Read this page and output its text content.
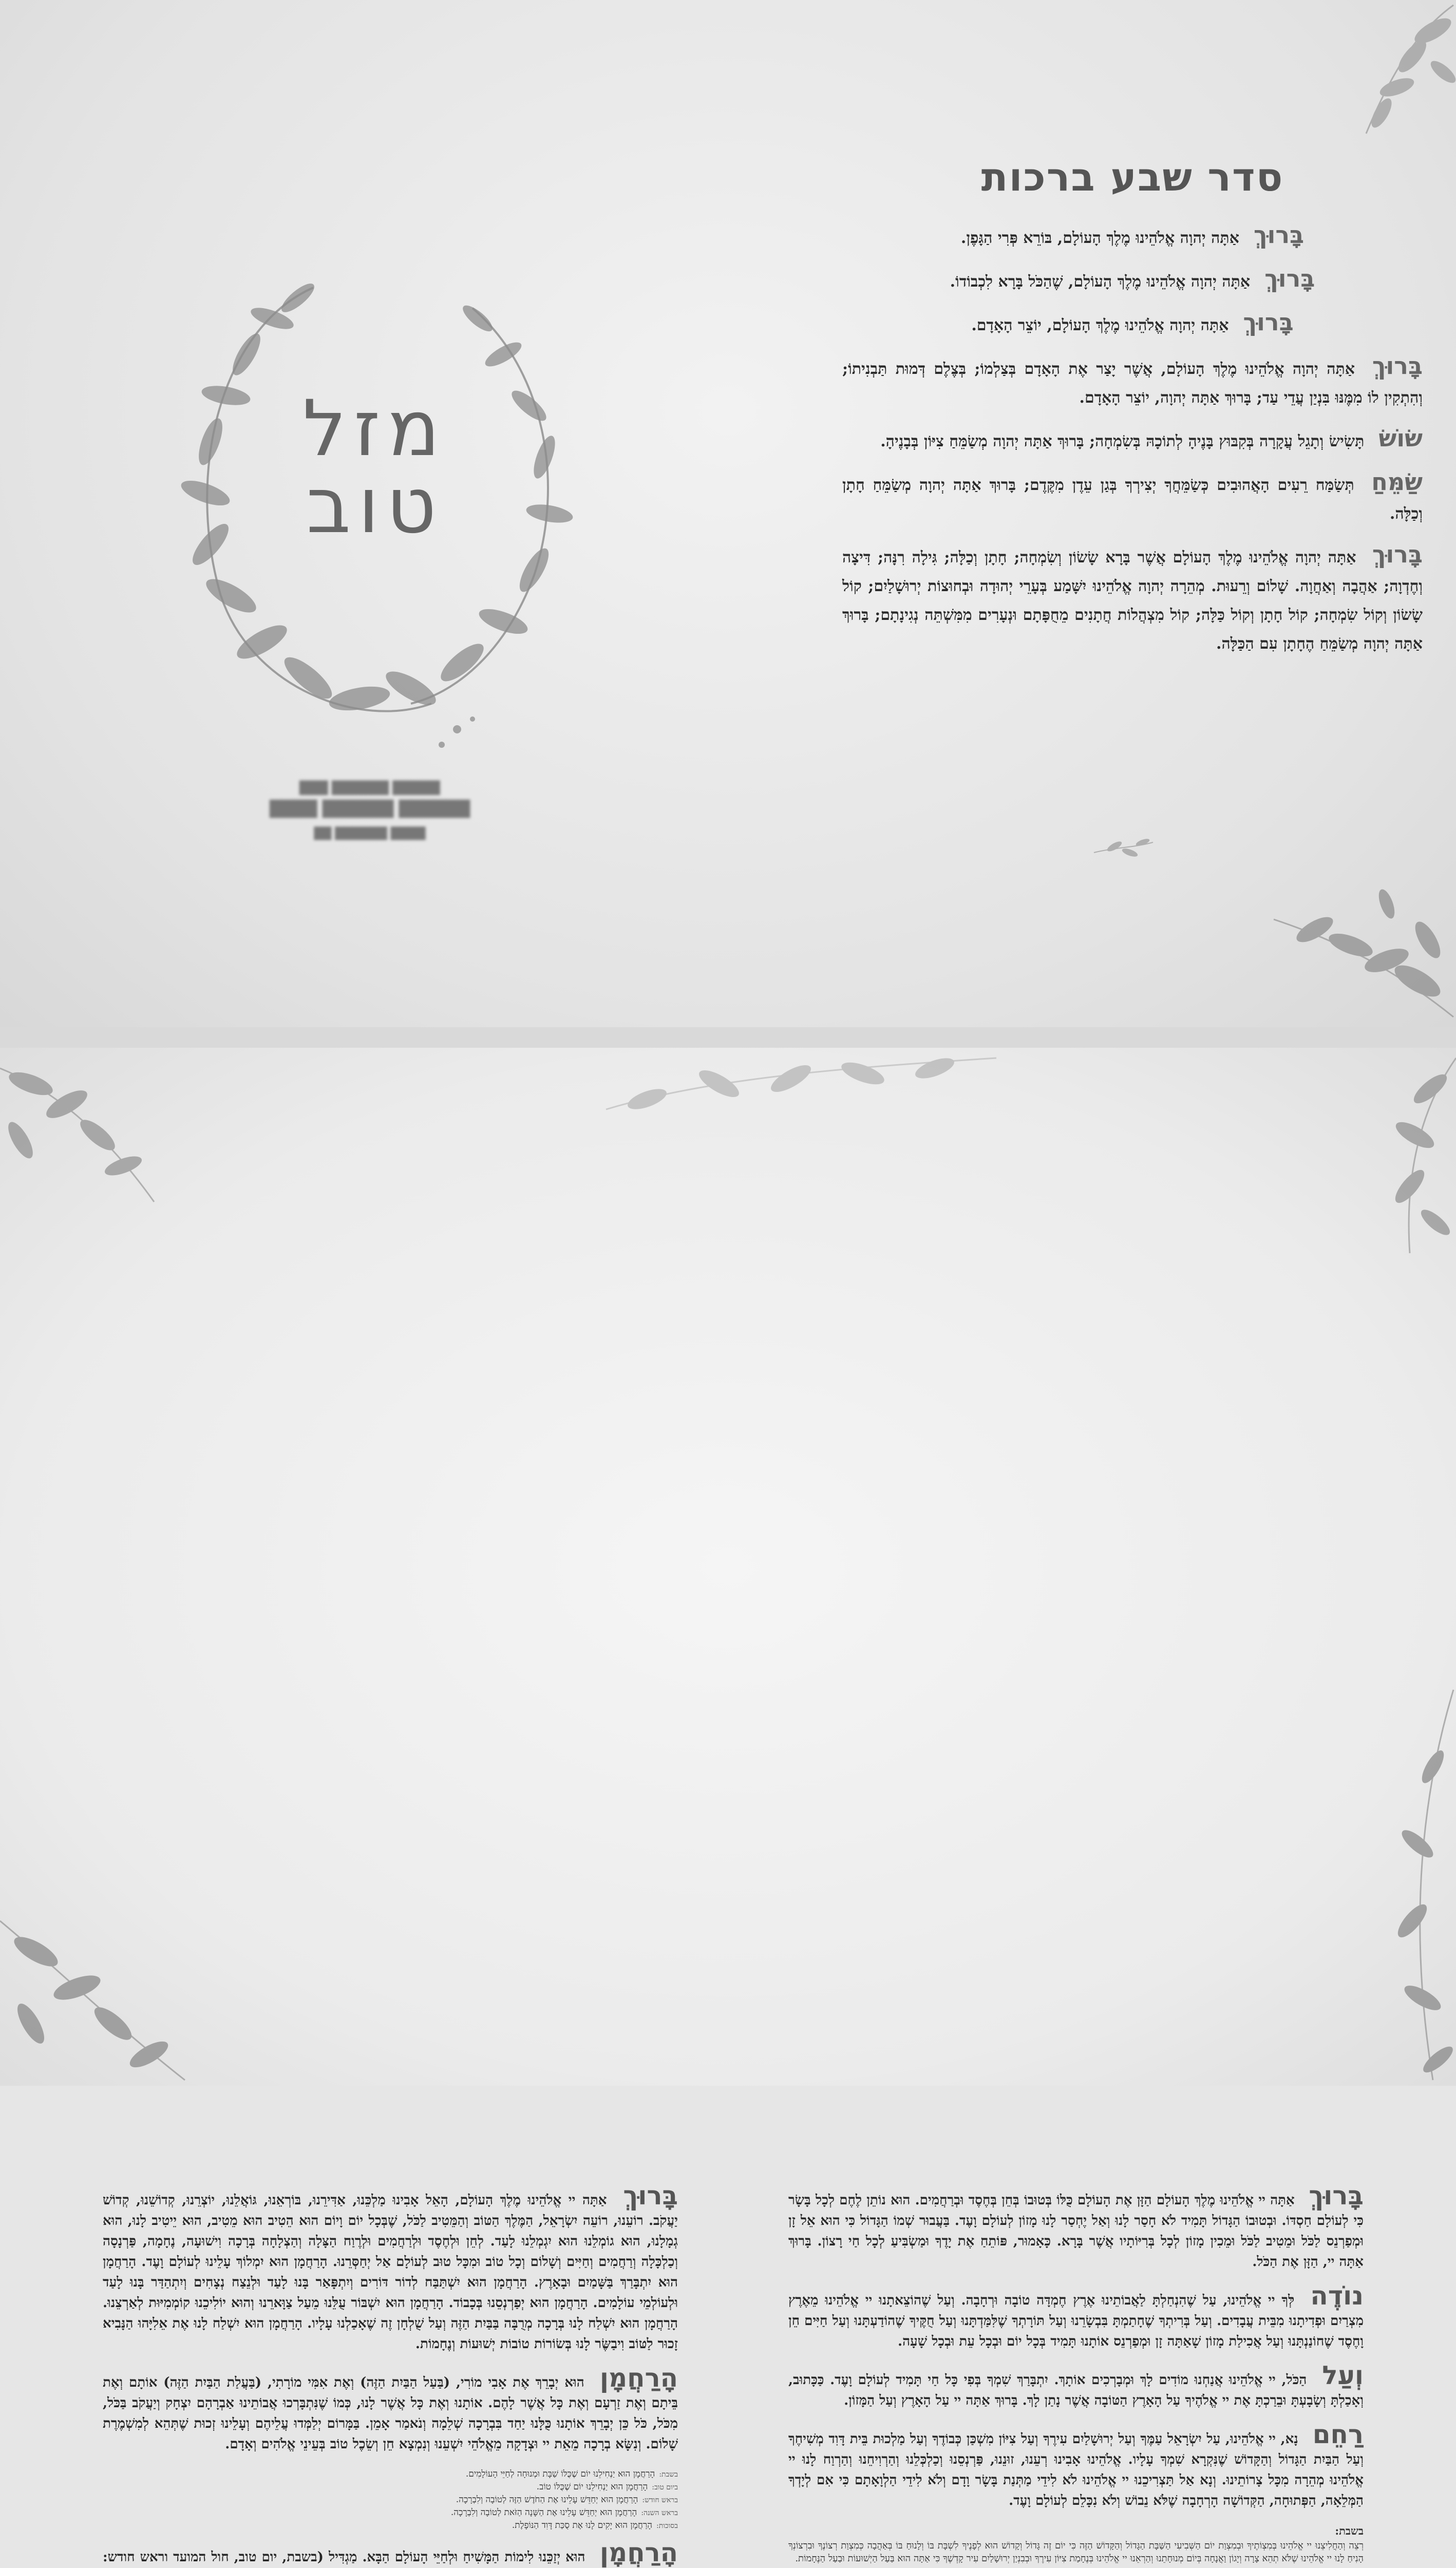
מזל
טוב
███ ██████ █████
████ ██████ ██████
██ ██████ ████
סדר שבע ברכות

בָּרוּךְ אַתָּה יְהוָה אֱלֹהֵינוּ מֶלֶךְ הָעוֹלָם, בּוֹרֵא פְּרִי הַגָּפֶן.

בָּרוּךְ אַתָּה יְהוָה אֱלֹהֵינוּ מֶלֶךְ הָעוֹלָם, שֶׁהַכֹּל בָּרָא לִכְבוֹדוֹ.

בָּרוּךְ אַתָּה יְהוָה אֱלֹהֵינוּ מֶלֶךְ הָעוֹלָם, יוֹצֵר הָאָדָם.

בָּרוּךְ אַתָּה יְהוָה אֱלֹהֵינוּ מֶלֶךְ הָעוֹלָם, אֲשֶׁר יָצַר אֶת הָאָדָם בְּצַלְמוֹ; בְּצֶלֶם דְּמוּת תַּבְנִיתוֹ; וְהִתְקִין לוֹ מִמֶּנּוּ בִּנְיַן עֲדֵי עַד; בָּרוּךְ אַתָּה יְהוָה, יוֹצֵר הָאָדָם.

שׂוֹשׂ תָּשִׂישׂ וְתָגֵל עֲקָרָה בְּקִבּוּץ בָּנֶיהָ לְתוֹכָהּ בְּשִׂמְחָה; בָּרוּךְ אַתָּה יְהוָה מְשַׂמֵּחַ צִיּוֹן בְּבָנֶיהָ.

שַׂמֵּחַ תְּשַׂמַּח רֵעִים הָאֲהוּבִים כְּשַׂמֵּחֲךָ יְצִירְךָ בְּגַן עֵדֶן מִקֶּדֶם; בָּרוּךְ אַתָּה יְהוָה מְשַׂמֵּחַ חָתָן וְכַלָּה.

בָּרוּךְ אַתָּה יְהוָה אֱלֹהֵינוּ מֶלֶךְ הָעוֹלָם אֲשֶׁר בָּרָא שָׂשׂוֹן וְשִׂמְחָה; חָתָן וְכַלָּה; גִּילָה רִנָּה; דִּיצָה וְחֶדְוָה; אַהֲבָה וְאַחֲוָה. שָׁלוֹם וְרֵעוּת. מְהֵרָה יְהוָה אֱלֹהֵינוּ יִשָּׁמַע בְּעָרֵי יְהוּדָה וּבְחוּצוֹת יְרוּשָׁלַיִם; קוֹל שָׂשׂוֹן וְקוֹל שִׂמְחָה; קוֹל חָתָן וְקוֹל כַּלָּה; קוֹל מִצְהֲלוֹת חֲתָנִים מֵחֻפָּתָם וּנְעָרִים מִמִּשְׁתֵּה נְגִינָתָם; בָּרוּךְ אַתָּה יְהוָה מְשַׂמֵּחַ הֶחָתָן עִם הַכַּלָּה.

בָּרוּךְ אַתָּה יי אֱלֹהֵינוּ מֶלֶךְ הָעוֹלָם הַזָּן אֶת הָעוֹלָם כֻּלּוֹ בְּטוּבוֹ בְּחֵן בְּחֶסֶד וּבְרַחֲמִים. הוּא נוֹתֵן לֶחֶם לְכָל בָּשָׂר כִּי לְעוֹלָם חַסְדּוֹ. וּבְטוּבוֹ הַגָּדוֹל תָּמִיד לֹא חָסַר לָנוּ וְאַל יֶחְסַר לָנוּ מָזוֹן לְעוֹלָם וָעֶד. בַּעֲבוּר שְׁמוֹ הַגָּדוֹל כִּי הוּא אֵל זָן וּמְפַרְנֵס לַכֹּל וּמֵטִיב לַכֹּל וּמֵכִין מָזוֹן לְכָל בְּרִיּוֹתָיו אֲשֶׁר בָּרָא. כָּאָמוּר, פּוֹתֵחַ אֶת יָדֶךָ וּמַשְׂבִּיעַ לְכָל חַי רָצוֹן. בָּרוּךְ אַתָּה יי, הַזָּן אֶת הַכֹּל.

נוֹדֶה לְּךָ יי אֱלֹהֵינוּ, עַל שֶׁהִנְחַלְתָּ לַאֲבוֹתֵינוּ אֶרֶץ חֶמְדָּה טוֹבָה וּרְחָבָה. וְעַל שֶׁהוֹצֵאתָנוּ יי אֱלֹהֵינוּ מֵאֶרֶץ מִצְרַיִם וּפְדִיתָנוּ מִבֵּית עֲבָדִים. וְעַל בְּרִיתְךָ שֶׁחָתַמְתָּ בִּבְשָׂרֵנוּ וְעַל תּוֹרָתְךָ שֶׁלִּמַּדְתָּנוּ וְעַל חֻקֶּיךָ שֶׁהוֹדַעְתָּנוּ וְעַל חַיִּים חֵן וָחֶסֶד שֶׁחוֹנַנְתָּנוּ וְעַל אֲכִילַת מָזוֹן שָׁאַתָּה זָן וּמְפַרְנֵס אוֹתָנוּ תָּמִיד בְּכָל יוֹם וּבְכָל עֵת וּבְכָל שָׁעָה.

וְעַל הַכֹּל, יי אֱלֹהֵינוּ אֲנַחְנוּ מוֹדִים לָךְ וּמְבָרְכִים אוֹתָךְ. יִתְבָּרַךְ שִׁמְךָ בְּפִי כָּל חַי תָּמִיד לְעוֹלָם וָעֶד. כַּכָּתוּב, וְאָכַלְתָּ וְשָׂבָעְתָּ וּבֵרַכְתָּ אֶת יי אֱלֹהֶיךָ עַל הָאָרֶץ הַטּוֹבָה אֲשֶׁר נָתַן לָךְ. בָּרוּךְ אַתָּה יי עַל הָאָרֶץ וְעַל הַמָּזוֹן.

רַחֵם נָא, יי אֱלֹהֵינוּ, עַל יִשְׂרָאֵל עַמֶּךָ וְעַל יְרוּשָׁלַיִם עִירֶךָ וְעַל צִיּוֹן מִשְׁכַּן כְּבוֹדֶךָ וְעַל מַלְכוּת בֵּית דָּוִד מְשִׁיחֶךָ וְעַל הַבַּיִת הַגָּדוֹל וְהַקָּדוֹשׁ שֶׁנִּקְרָא שִׁמְךָ עָלָיו. אֱלֹהֵינוּ אָבִינוּ רְעֵנוּ, זוּנֵנוּ, פַּרְנְסֵנוּ וְכַלְכְּלֵנוּ וְהַרְוִיחֵנוּ וְהַרְוַח לָנוּ יי אֱלֹהֵינוּ מְהֵרָה מִכָּל צָרוֹתֵינוּ. וְנָא אַל תַּצְרִיכֵנוּ יי אֱלֹהֵינוּ לֹא לִידֵי מַתְּנַת בָּשָׂר וָדָם וְלֹא לִידֵי הַלְוָאָתָם כִּי אִם לְיָדְךָ הַמְּלֵאָה, הַפְּתוּחָה, הַקְּדוֹשָׁה הָרְחָבָה שֶׁלֹּא נֵבוֹשׁ וְלֹא נִכָּלֵם לְעוֹלָם וָעֶד.

בשבת:
רְצֵה וְהַחֲלִיצֵנוּ יי אֱלֹהֵינוּ בְּמִצְוֹתֶיךָ וּבְמִצְוַת יוֹם הַשְּׁבִיעִי הַשַּׁבָּת הַגָּדוֹל וְהַקָּדוֹשׁ הַזֶּה כִּי יוֹם זֶה גָּדוֹל וְקָדוֹשׁ הוּא לְפָנֶיךָ לִשְׁבָּת בּוֹ וְלָנוּחַ בּוֹ בְּאַהֲבָה כְּמִצְוַת רְצוֹנֶךָ וּבִרְצוֹנְךָ הָנִיחַ לָנוּ יי אֱלֹהֵינוּ שֶׁלֹּא תְהֵא צָרָה וְיָגוֹן וַאֲנָחָה בְּיוֹם מְנוּחָתֵנוּ וְהַרְאֵנוּ יי אֱלֹהֵינוּ בְּנֶחָמַת צִיּוֹן עִירֶךָ וּבְבִנְיַן יְרוּשָׁלַיִם עִיר קָדְשֶׁךָ כִּי אַתָּה הוּא בַּעַל הַיְשׁוּעוֹת וּבַעַל הַנֶּחָמוֹת.

בָּרוּךְ אַתָּה יי אֱלֹהֵינוּ מֶלֶךְ הָעוֹלָם, הָאֵל אָבִינוּ מַלְכֵּנוּ, אַדִּירֵנוּ, בּוֹרְאֵנוּ, גּוֹאֲלֵנוּ, יוֹצְרֵנוּ, קְדוֹשֵׁנוּ, קְדוֹשׁ יַעֲקֹב. רוֹעֵנוּ, רוֹעֵה יִשְׂרָאֵל, הַמֶּלֶךְ הַטּוֹב וְהַמֵּטִיב לַכֹּל, שֶׁבְּכָל יוֹם וָיוֹם הוּא הֵטִיב הוּא מֵטִיב, הוּא יֵיטִיב לָנוּ, הוּא גְמָלָנוּ, הוּא גוֹמְלֵנוּ הוּא יִגְמְלֵנוּ לָעַד. לְחֵן וּלְחֶסֶד וּלְרַחֲמִים וּלְרֶוַח הַצָּלָה וְהַצְלָחָה בְּרָכָה וִישׁוּעָה, נֶחָמָה, פַּרְנָסָה וְכַלְכָּלָה וְרַחֲמִים וְחַיִּים וְשָׁלוֹם וְכָל טוֹב וּמִכָּל טוּב לְעוֹלָם אַל יְחַסְּרֵנוּ. הָרַחֲמָן הוּא יִמְלוֹךְ עָלֵינוּ לְעוֹלָם וָעֶד. הָרַחֲמָן הוּא יִתְבָּרַךְ בַּשָּׁמַיִם וּבָאָרֶץ. הָרַחֲמָן הוּא יִשְׁתַּבַּח לְדוֹר דּוֹרִים וְיִתְפָּאַר בָּנוּ לָעַד וּלְנֵצַח נְצָחִים וְיִתְהַדַּר בָּנוּ לָעַד וּלְעוֹלְמֵי עוֹלָמִים. הָרַחֲמָן הוּא יְפַרְנְסֵנוּ בְּכָבוֹד. הָרַחֲמָן הוּא יִשְׁבּוֹר עֻלֵּנוּ מֵעַל צַוָּארֵנוּ וְהוּא יוֹלִיכֵנוּ קוֹמְמִיּוּת לְאַרְצֵנוּ. הָרַחֲמָן הוּא יִשְׁלַח לָנוּ בְּרָכָה מְרֻבָּה בַּבַּיִת הַזֶּה וְעַל שֻׁלְחָן זֶה שֶׁאָכַלְנוּ עָלָיו. הָרַחֲמָן הוּא יִשְׁלַח לָנוּ אֶת אֵלִיָּהוּ הַנָּבִיא זָכוּר לַטּוֹב וִיבַשֶּׂר לָנוּ בְּשׂוֹרוֹת טוֹבוֹת יְשׁוּעוֹת וְנֶחָמוֹת.

הָרַחֲמָן הוּא יְבָרֵךְ אֶת אָבִי מוֹרִי, (בַּעַל הַבַּיִת הַזֶּה) וְאֶת אִמִּי מוֹרָתִי, (בַּעֲלַת הַבַּיִת הַזֶּה) אוֹתָם וְאֶת בֵּיתָם וְאֶת זַרְעָם וְאֶת כָּל אֲשֶׁר לָהֶם. אוֹתָנוּ וְאֶת כָּל אֲשֶׁר לָנוּ, כְּמוֹ שֶׁנִּתְבָּרְכוּ אֲבוֹתֵינוּ אַבְרָהָם יִצְחָק וְיַעֲקֹב בַּכֹּל, מִכֹּל, כֹּל כֵּן יְבָרֵךְ אוֹתָנוּ כֻּלָּנוּ יַחַד בִּבְרָכָה שְׁלֵמָה וְנֹאמַר אָמֵן. בַּמָּרוֹם יְלַמְּדוּ עֲלֵיהֶם וְעָלֵינוּ זְכוּת שֶׁתְּהֵא לְמִשְׁמֶרֶת שָׁלוֹם. וְנִשָּׂא בְרָכָה מֵאֵת יי וּצְדָקָה מֵאֱלֹהֵי יִשְׁעֵנוּ וְנִמְצָא חֵן וְשֵׂכֶל טוֹב בְּעֵינֵי אֱלֹהִים וְאָדָם.

בשבת:הָרַחֲמָן הוּא יַנְחִילֵנוּ יוֹם שֶׁכֻּלּוֹ שַׁבָּת וּמְנוּחָה לְחַיֵּי הָעוֹלָמִים.
ביום טוב:הָרַחֲמָן הוּא יַנְחִילֵנוּ יוֹם שֶׁכֻּלּוֹ טוֹב.
בראש חודש:הָרַחֲמָן הוּא יְחַדֵּשׁ עָלֵינוּ אֶת הַחֹדֶשׁ הַזֶּה לְטוֹבָה וְלִבְרָכָה.
בראש השנה:הָרַחֲמָן הוּא יְחַדֵּשׁ עָלֵינוּ אֶת הַשָּׁנָה הַזֹּאת לְטוֹבָה וְלִבְרָכָה.
בסוכות:הָרַחֲמָן הוּא יָקִים לָנוּ אֶת סֻכַּת דָּוִד הַנּוֹפָלֶת.

הָרַחֲמָן הוּא יְזַכֵּנוּ לִימוֹת הַמָּשִׁיחַ וּלְחַיֵּי הָעוֹלָם הַבָּא. מַגְדִּיל (בשבת, יום טוב, חול המועד וראש חודש:
